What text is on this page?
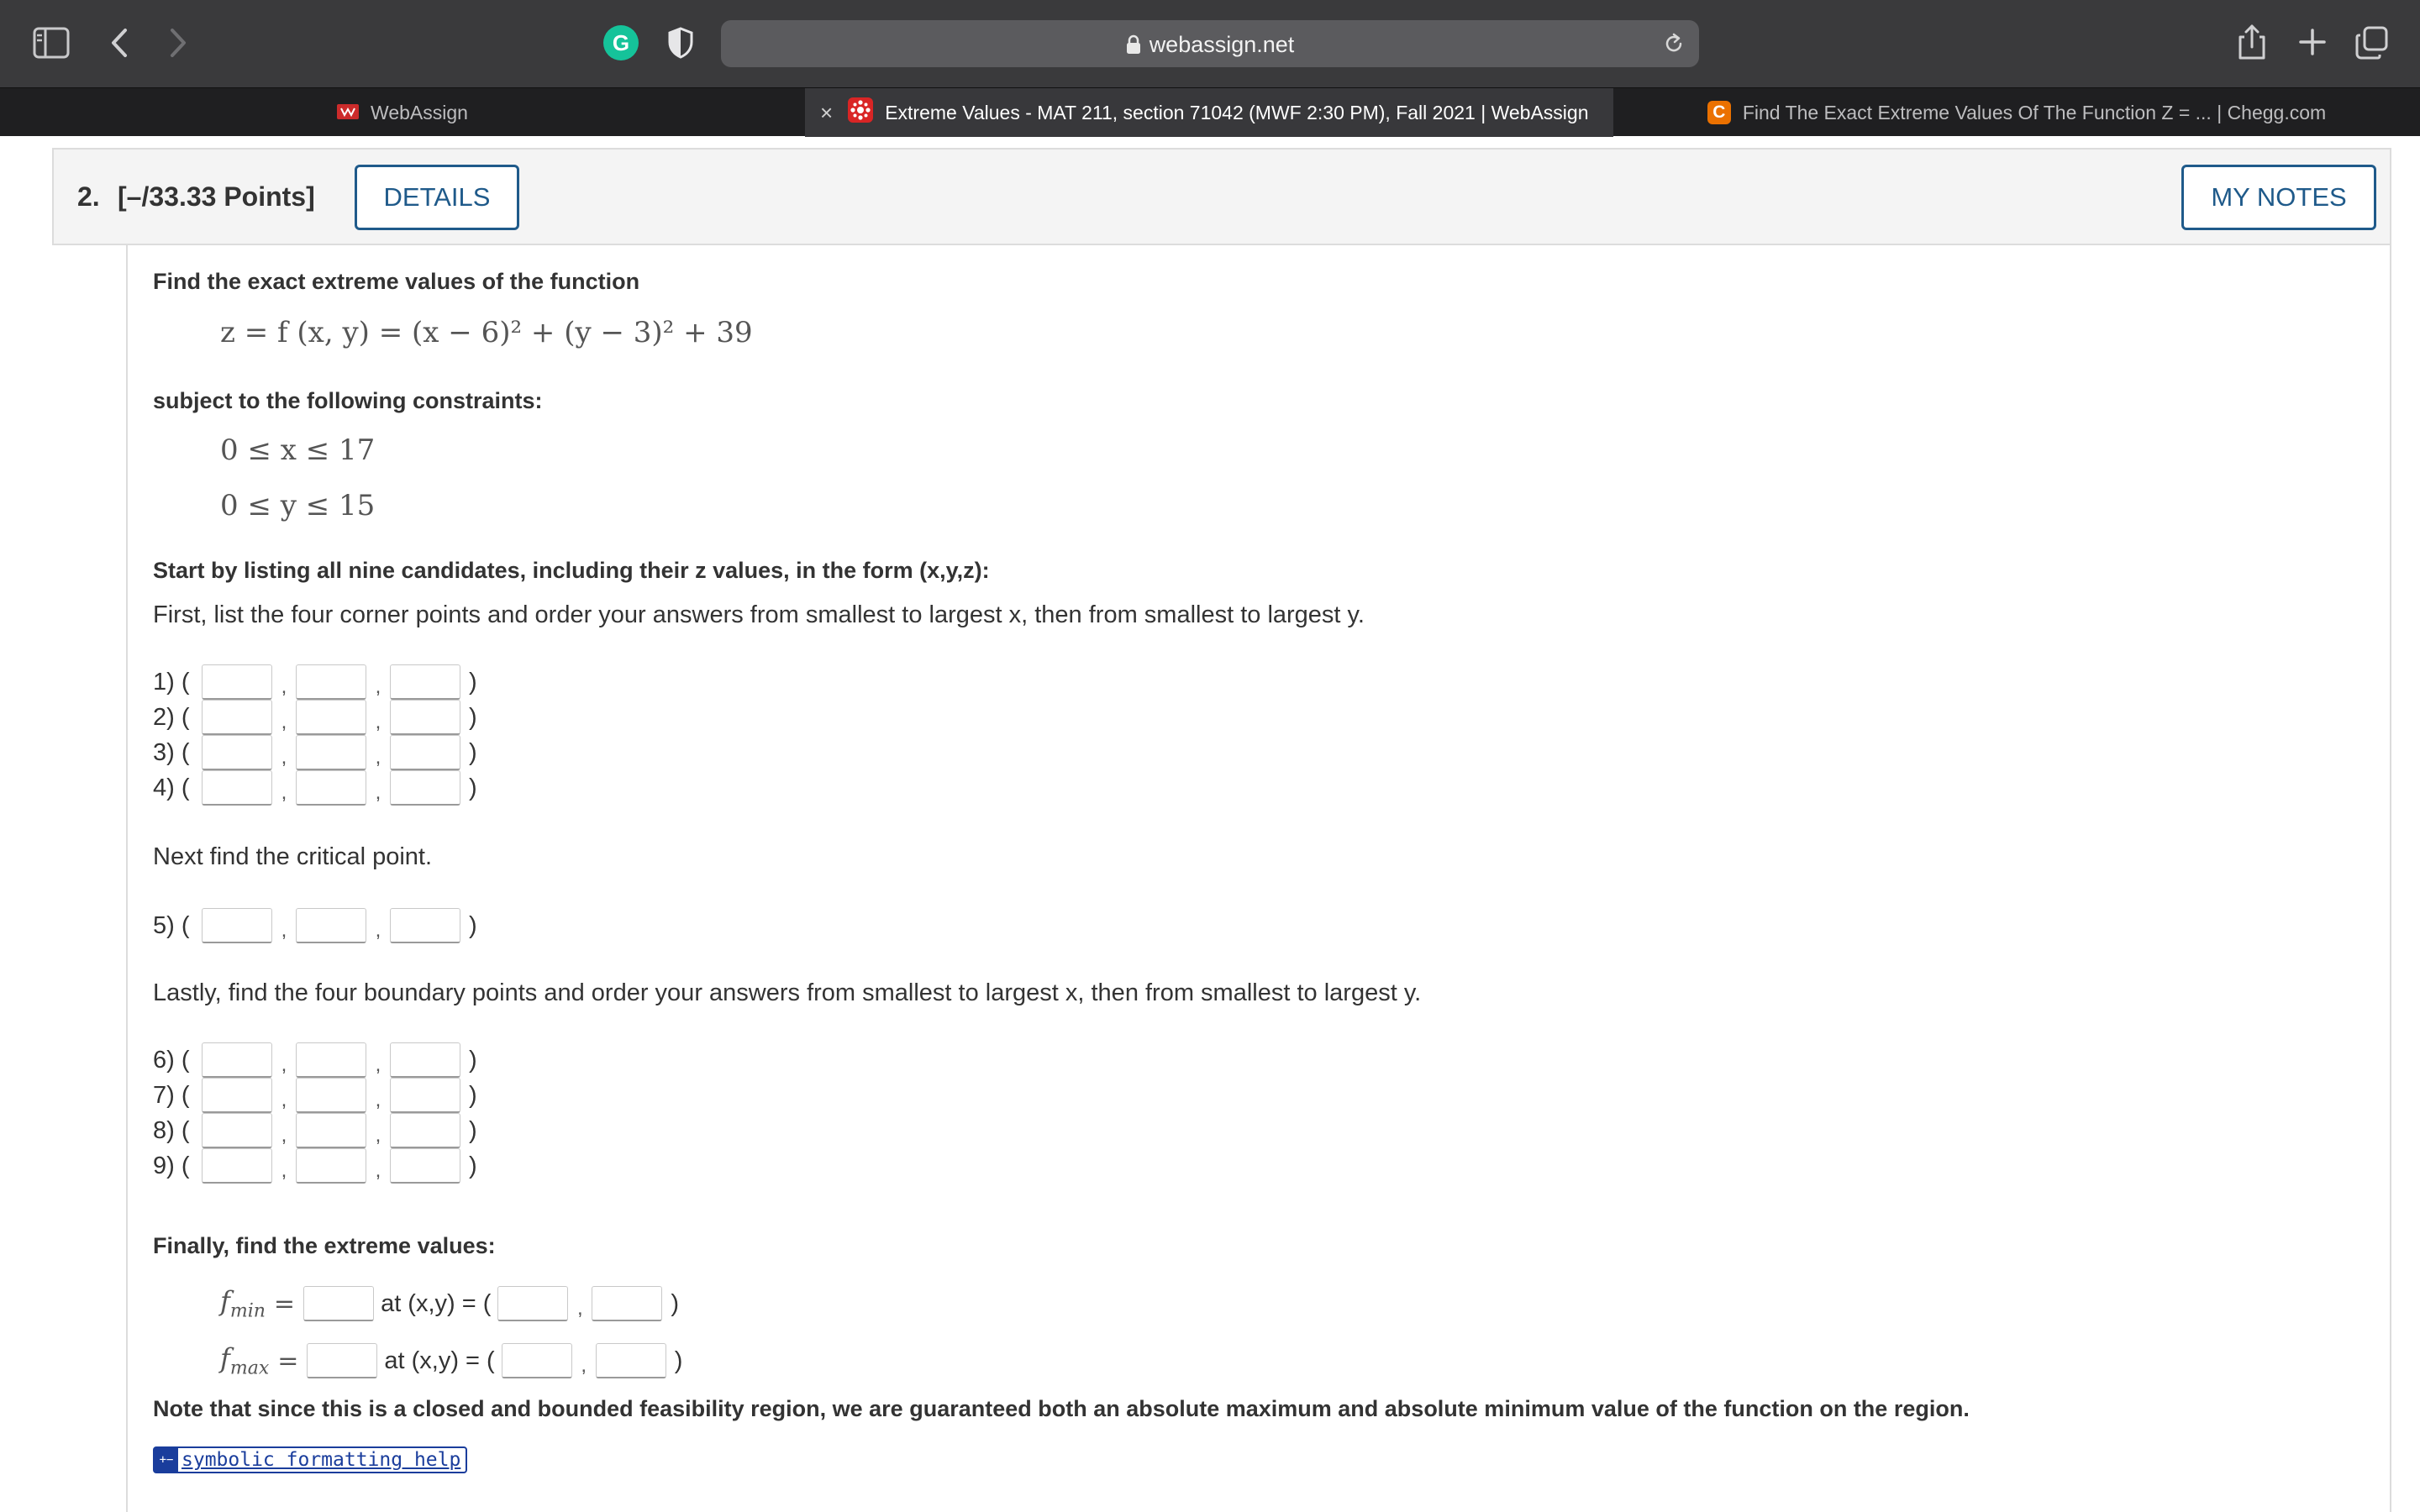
G	webassign.net
WebAssign	×	Extreme Values - MAT 211, section 71042 (MWF 2:30 PM), Fall 2021 | WebAssign	C Find The Exact Extreme Values Of The Function Z = ... | Chegg.com
2. [–/33.33 Points]	DETAILS	MY NOTES
Find the exact extreme values of the function
z = f (x, y) = (x − 6)² + (y − 3)² + 39
subject to the following constraints:
0 ≤ x ≤ 17
0 ≤ y ≤ 15
Start by listing all nine candidates, including their z values, in the form (x,y,z):
First, list the four corner points and order your answers from smallest to largest x, then from smallest to largest y.
1) (	,	,	)
2) (	,	,	)
3) (	,	,	)
4) (	,	,	)
Next find the critical point.
5) (	,	,	)
Lastly, find the four boundary points and order your answers from smallest to largest x, then from smallest to largest y.
6) (	,	,	)
7) (	,	,	)
8) (	,	,	)
9) (	,	,	)
Finally, find the extreme values:
$f_{min}$ =	at (x,y) = (	,	)
$f_{max}$ =	at (x,y) = (	,	)
Note that since this is a closed and bounded feasibility region, we are guaranteed both an absolute maximum and absolute minimum value of the function on the region.
+− symbolic formatting help
